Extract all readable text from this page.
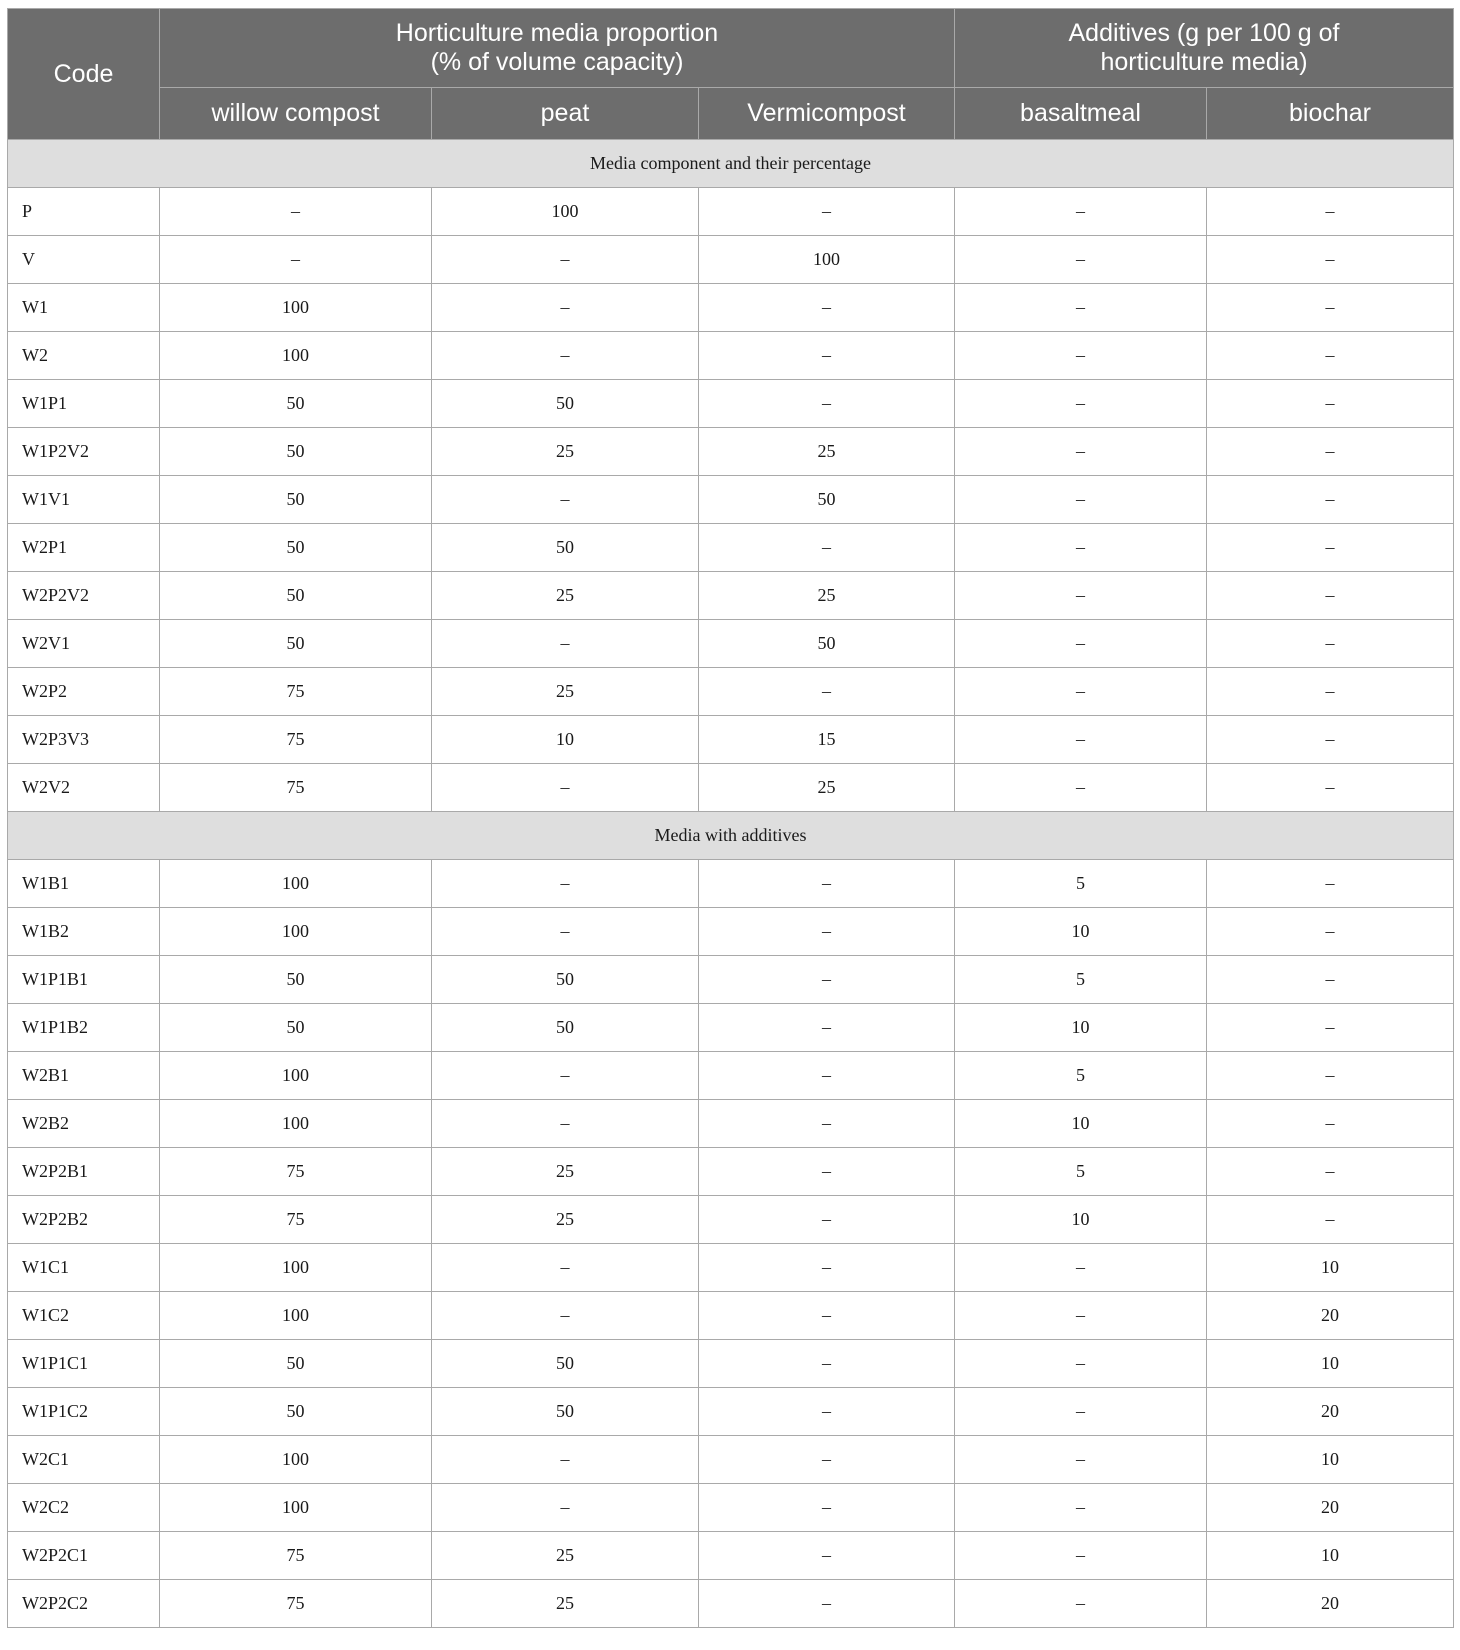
Code	Horticulture media proportion
(% of volume capacity)			Additives (g per 100 g of
horticulture media)	
	willow compost	peat	Vermicompost	basaltmeal	biochar
Media component and their percentage					
P	–	100	–	–	–
V	–	–	100	–	–
W1	100	–	–	–	–
W2	100	–	–	–	–
W1P1	50	50	–	–	–
W1P2V2	50	25	25	–	–
W1V1	50	–	50	–	–
W2P1	50	50	–	–	–
W2P2V2	50	25	25	–	–
W2V1	50	–	50	–	–
W2P2	75	25	–	–	–
W2P3V3	75	10	15	–	–
W2V2	75	–	25	–	–
Media with additives					
W1B1	100	–	–	5	–
W1B2	100	–	–	10	–
W1P1B1	50	50	–	5	–
W1P1B2	50	50	–	10	–
W2B1	100	–	–	5	–
W2B2	100	–	–	10	–
W2P2B1	75	25	–	5	–
W2P2B2	75	25	–	10	–
W1C1	100	–	–	–	10
W1C2	100	–	–	–	20
W1P1C1	50	50	–	–	10
W1P1C2	50	50	–	–	20
W2C1	100	–	–	–	10
W2C2	100	–	–	–	20
W2P2C1	75	25	–	–	10
W2P2C2	75	25	–	–	20
